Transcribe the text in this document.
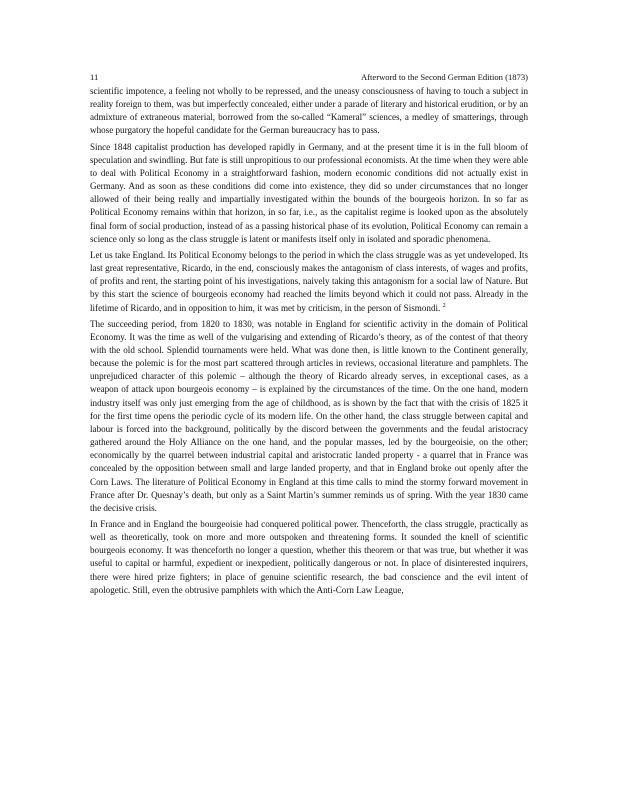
11	Afterword to the Second German Edition (1873)

scientific impotence, a feeling not wholly to be repressed, and the uneasy consciousness of having to touch a subject in reality foreign to them, was but imperfectly concealed, either under a parade of literary and historical erudition, or by an admixture of extraneous material, borrowed from the so-called “Kameral” sciences, a medley of smatterings, through whose purgatory the hopeful candidate for the German bureaucracy has to pass.

Since 1848 capitalist production has developed rapidly in Germany, and at the present time it is in the full bloom of speculation and swindling. But fate is still unpropitious to our professional economists. At the time when they were able to deal with Political Economy in a straightforward fashion, modern economic conditions did not actually exist in Germany. And as soon as these conditions did come into existence, they did so under circumstances that no longer allowed of their being really and impartially investigated within the bounds of the bourgeois horizon. In so far as Political Economy remains within that horizon, in so far, i.e., as the capitalist regime is looked upon as the absolutely final form of social production, instead of as a passing historical phase of its evolution, Political Economy can remain a science only so long as the class struggle is latent or manifests itself only in isolated and sporadic phenomena.

Let us take England. Its Political Economy belongs to the period in which the class struggle was as yet undeveloped. Its last great representative, Ricardo, in the end, consciously makes the antagonism of class interests, of wages and profits, of profits and rent, the starting point of his investigations, naively taking this antagonism for a social law of Nature. But by this start the science of bourgeois economy had reached the limits beyond which it could not pass. Already in the lifetime of Ricardo, and in opposition to him, it was met by criticism, in the person of Sismondi. $^2$

The succeeding period, from 1820 to 1830, was notable in England for scientific activity in the domain of Political Economy. It was the time as well of the vulgarising and extending of Ricardo’s theory, as of the contest of that theory with the old school. Splendid tournaments were held. What was done then, is little known to the Continent generally, because the polemic is for the most part scattered through articles in reviews, occasional literature and pamphlets. The unprejudiced character of this polemic – although the theory of Ricardo already serves, in exceptional cases, as a weapon of attack upon bourgeois economy – is explained by the circumstances of the time. On the one hand, modern industry itself was only just emerging from the age of childhood, as is shown by the fact that with the crisis of 1825 it for the first time opens the periodic cycle of its modern life. On the other hand, the class struggle between capital and labour is forced into the background, politically by the discord between the governments and the feudal aristocracy gathered around the Holy Alliance on the one hand, and the popular masses, led by the bourgeoisie, on the other; economically by the quarrel between industrial capital and aristocratic landed property - a quarrel that in France was concealed by the opposition between small and large landed property, and that in England broke out openly after the Corn Laws. The literature of Political Economy in England at this time calls to mind the stormy forward movement in France after Dr. Quesnay’s death, but only as a Saint Martin’s summer reminds us of spring. With the year 1830 came the decisive crisis.

In France and in England the bourgeoisie had conquered political power. Thenceforth, the class struggle, practically as well as theoretically, took on more and more outspoken and threatening forms. It sounded the knell of scientific bourgeois economy. It was thenceforth no longer a question, whether this theorem or that was true, but whether it was useful to capital or harmful, expedient or inexpedient, politically dangerous or not. In place of disinterested inquirers, there were hired prize fighters; in place of genuine scientific research, the bad conscience and the evil intent of apologetic. Still, even the obtrusive pamphlets with which the Anti-Corn Law League,
